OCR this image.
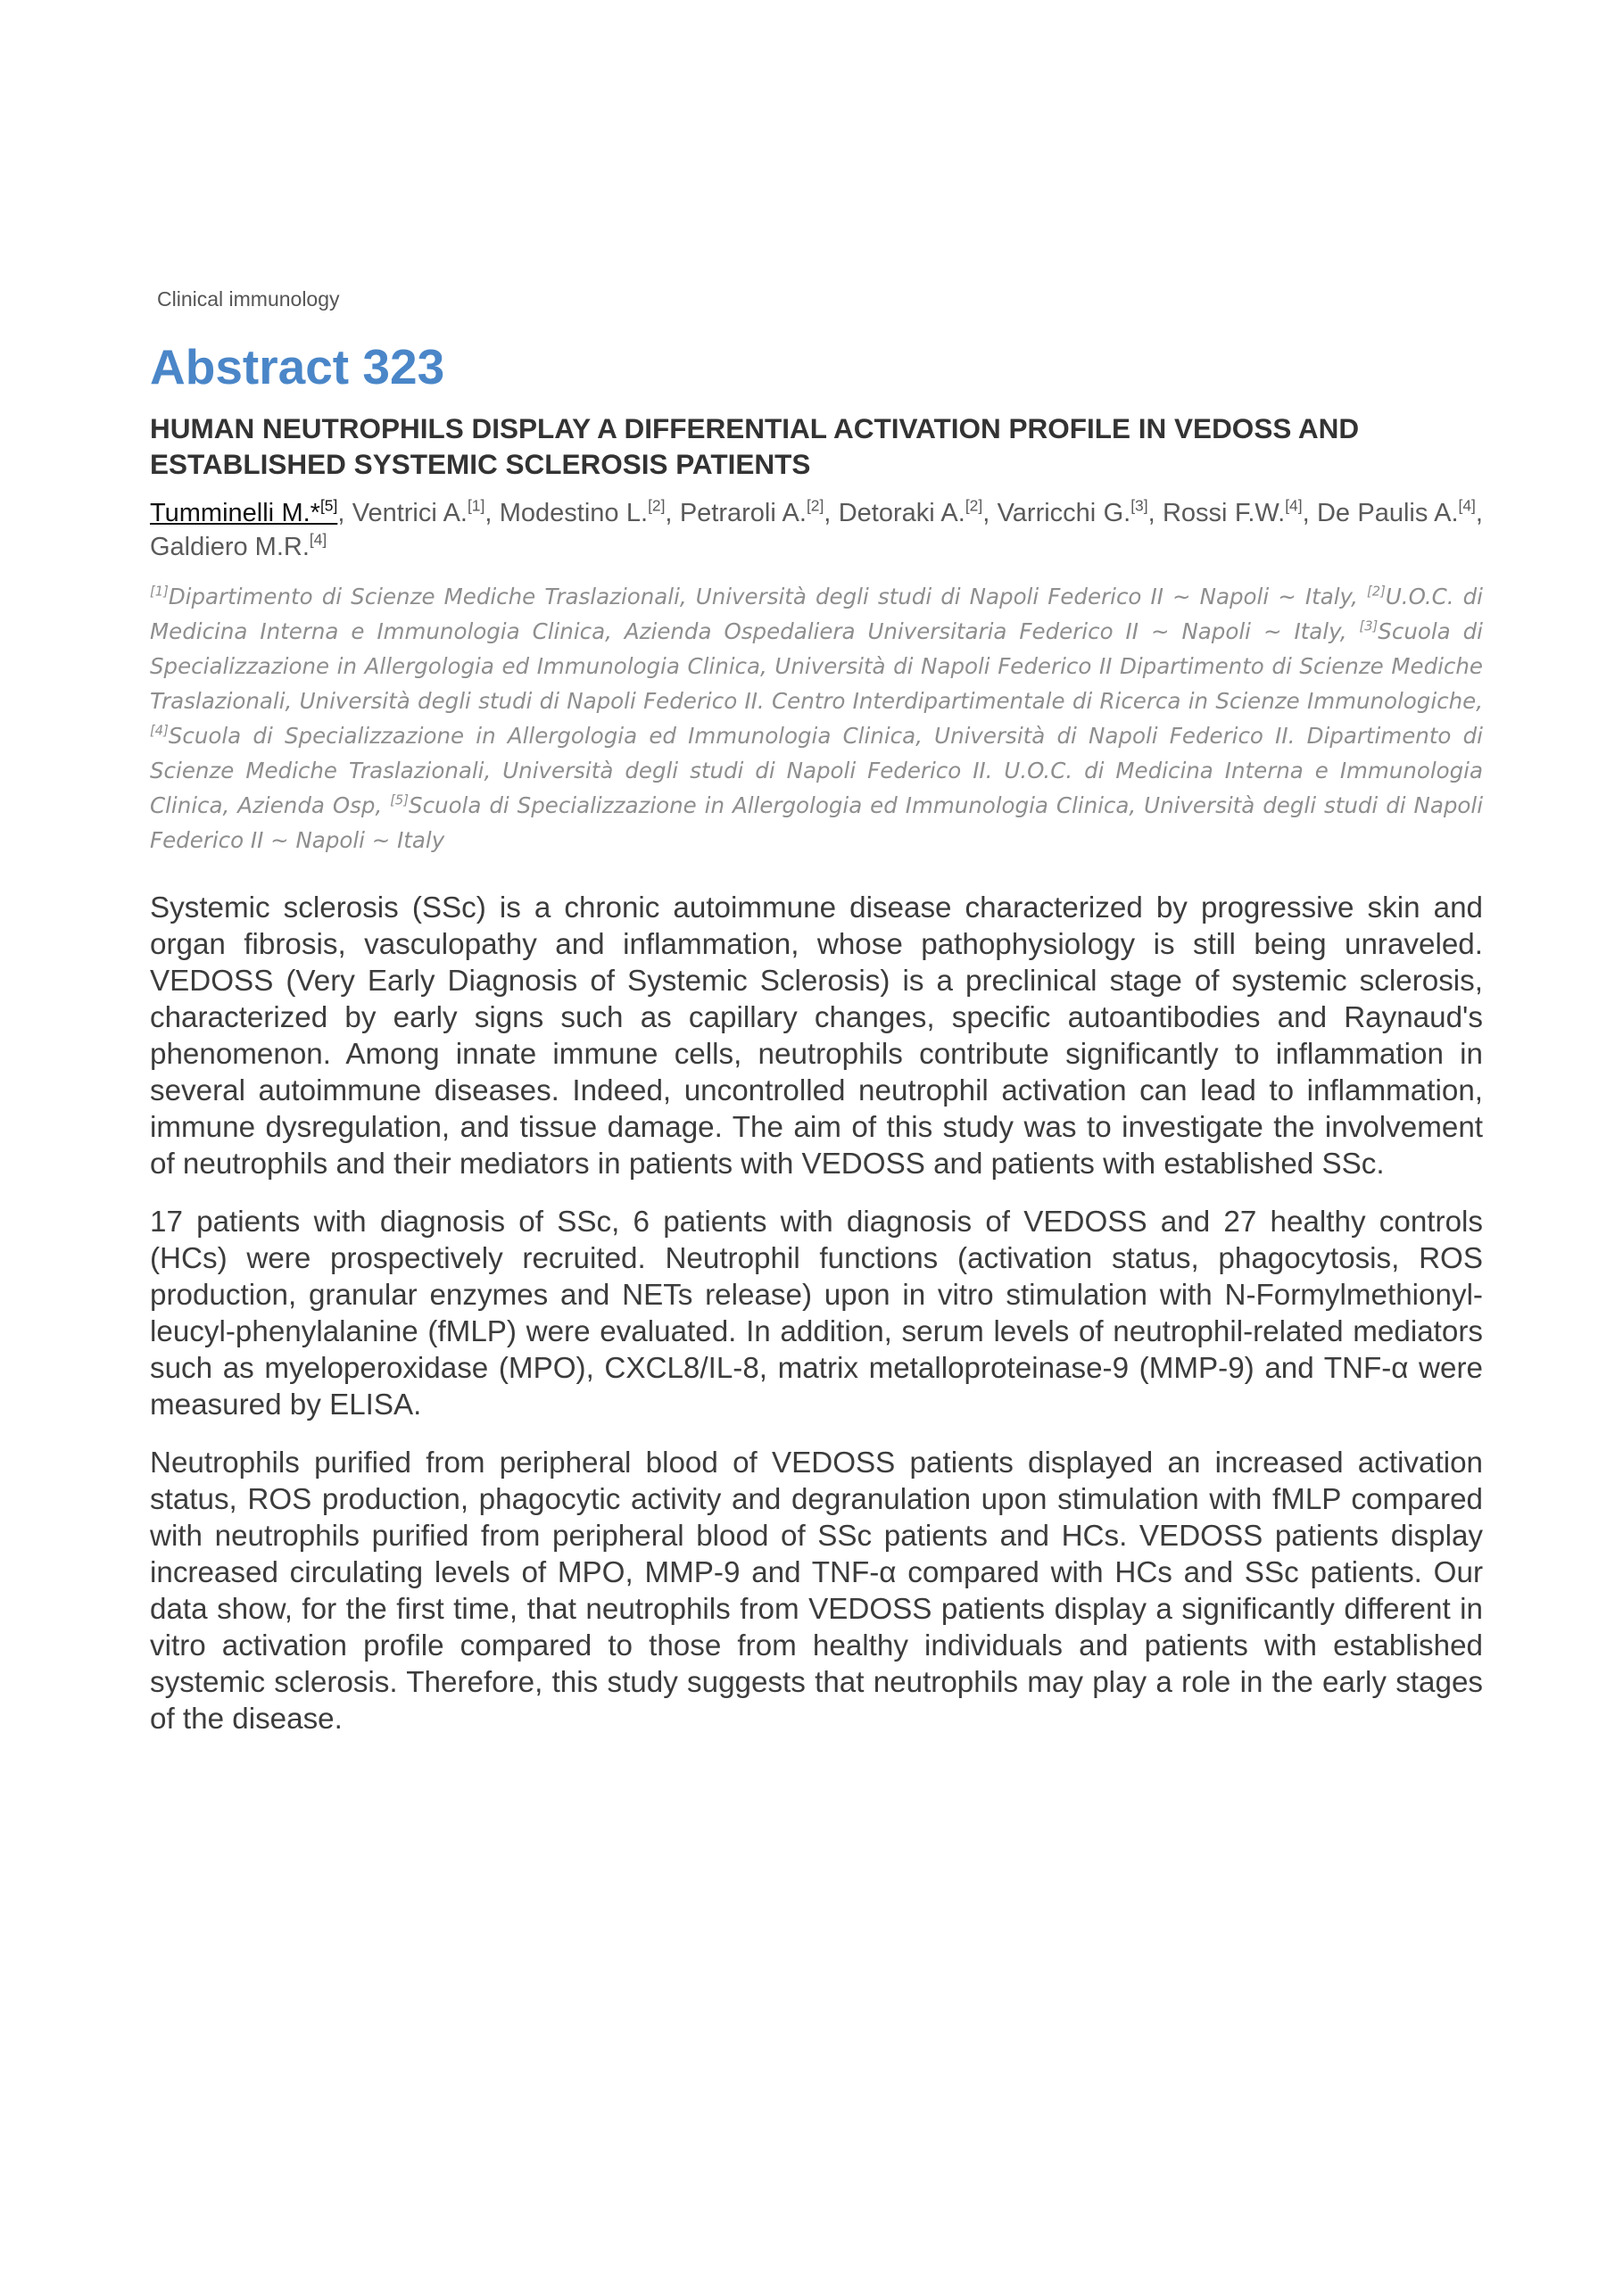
Clinical immunology
Abstract 323
HUMAN NEUTROPHILS DISPLAY A DIFFERENTIAL ACTIVATION PROFILE IN VEDOSS AND ESTABLISHED SYSTEMIC SCLEROSIS PATIENTS
Tumminelli M.*[5], Ventrici A.[1], Modestino L.[2], Petraroli A.[2], Detoraki A.[2], Varricchi G.[3], Rossi F.W.[4], De Paulis A.[4], Galdiero M.R.[4]
[1]Dipartimento di Scienze Mediche Traslazionali, Università degli studi di Napoli Federico II ~ Napoli ~ Italy, [2]U.O.C. di Medicina Interna e Immunologia Clinica, Azienda Ospedaliera Universitaria Federico II ~ Napoli ~ Italy, [3]Scuola di Specializzazione in Allergologia ed Immunologia Clinica, Università di Napoli Federico II Dipartimento di Scienze Mediche Traslazionali, Università degli studi di Napoli Federico II. Centro Interdipartimentale di Ricerca in Scienze Immunologiche, [4]Scuola di Specializzazione in Allergologia ed Immunologia Clinica, Università di Napoli Federico II. Dipartimento di Scienze Mediche Traslazionali, Università degli studi di Napoli Federico II. U.O.C. di Medicina Interna e Immunologia Clinica, Azienda Osp, [5]Scuola di Specializzazione in Allergologia ed Immunologia Clinica, Università degli studi di Napoli Federico II ~ Napoli ~ Italy

Systemic sclerosis (SSc) is a chronic autoimmune disease characterized by progressive skin and organ fibrosis, vasculopathy and inflammation, whose pathophysiology is still being unraveled. VEDOSS (Very Early Diagnosis of Systemic Sclerosis) is a preclinical stage of systemic sclerosis, characterized by early signs such as capillary changes, specific autoantibodies and Raynaud's phenomenon. Among innate immune cells, neutrophils contribute significantly to inflammation in several autoimmune diseases. Indeed, uncontrolled neutrophil activation can lead to inflammation, immune dysregulation, and tissue damage. The aim of this study was to investigate the involvement of neutrophils and their mediators in patients with VEDOSS and patients with established SSc.

17 patients with diagnosis of SSc, 6 patients with diagnosis of VEDOSS and 27 healthy controls (HCs) were prospectively recruited. Neutrophil functions (activation status, phagocytosis, ROS production, granular enzymes and NETs release) upon in vitro stimulation with N-Formylmethionyl-leucyl-phenylalanine (fMLP) were evaluated. In addition, serum levels of neutrophil-related mediators such as myeloperoxidase (MPO), CXCL8/IL-8, matrix metalloproteinase-9 (MMP-9) and TNF-α were measured by ELISA.

Neutrophils purified from peripheral blood of VEDOSS patients displayed an increased activation status, ROS production, phagocytic activity and degranulation upon stimulation with fMLP compared with neutrophils purified from peripheral blood of SSc patients and HCs. VEDOSS patients display increased circulating levels of MPO, MMP-9 and TNF-α compared with HCs and SSc patients. Our data show, for the first time, that neutrophils from VEDOSS patients display a significantly different in vitro activation profile compared to those from healthy individuals and patients with established systemic sclerosis. Therefore, this study suggests that neutrophils may play a role in the early stages of the disease.
